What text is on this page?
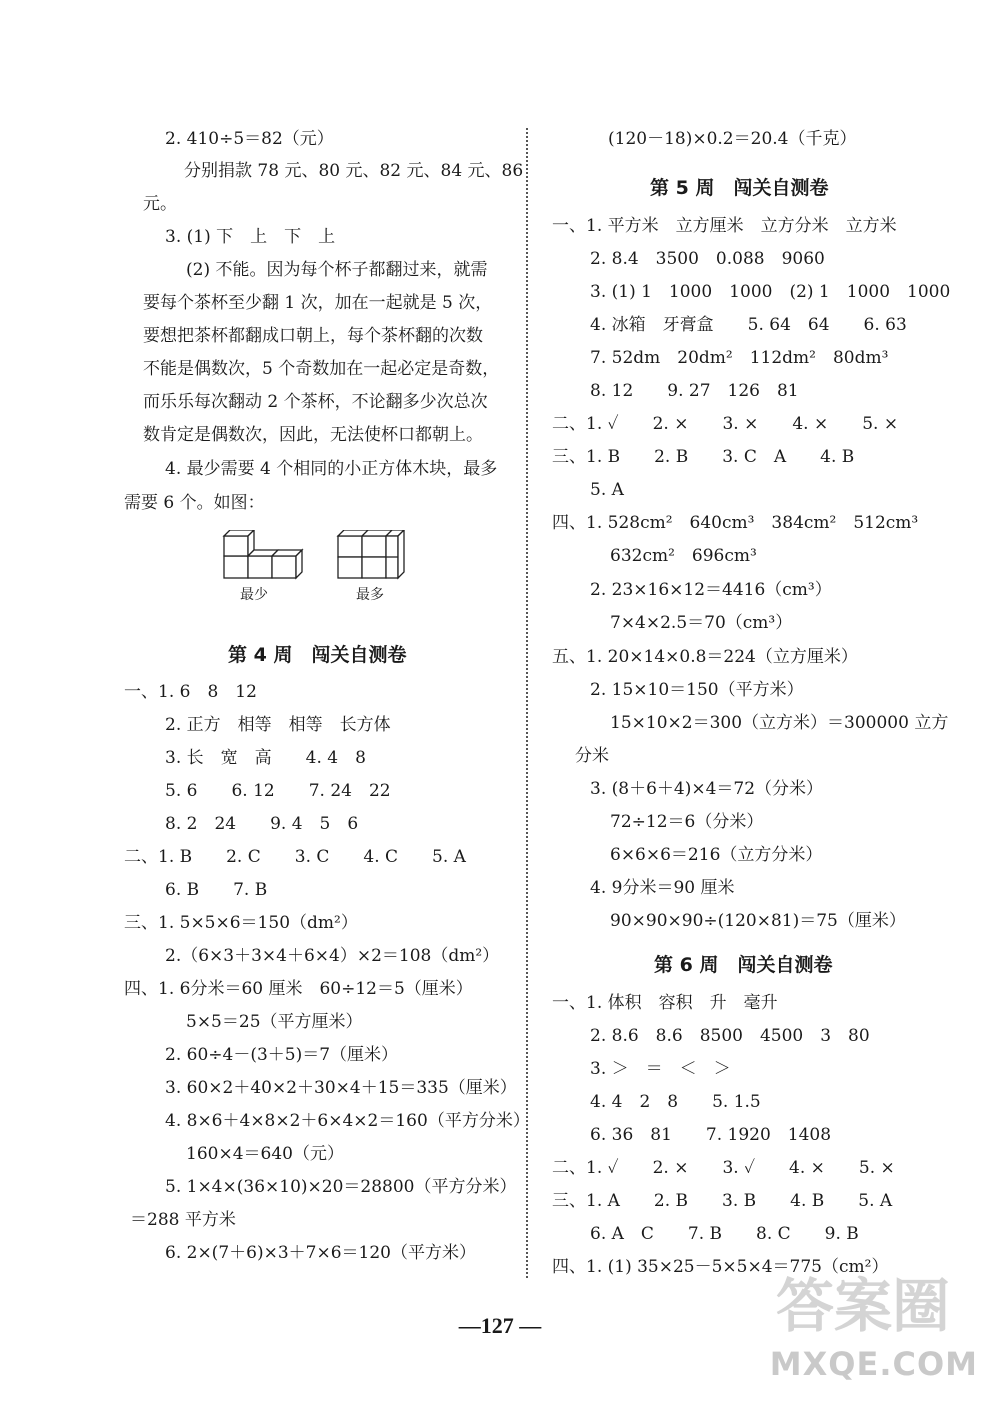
2. 410÷5＝82（元）
分别捐款 78 元、80 元、82 元、84 元、86
元。
3. (1) 下　上　下　上
(2) 不能。因为每个杯子都翻过来，就需
要每个茶杯至少翻 1 次，加在一起就是 5 次，
要想把茶杯都翻成口朝上，每个茶杯翻的次数
不能是偶数次，5 个奇数加在一起必定是奇数，
而乐乐每次翻动 2 个茶杯，不论翻多少次总次
数肯定是偶数次，因此，无法使杯口都朝上。
4. 最少需要 4 个相同的小正方体木块，最多
需要 6 个。如图：
最少	最多
第 4 周　闯关自测卷
一、1. 6　8　12
2. 正方　相等　相等　长方体
3. 长　宽　高　　4. 4　8
5. 6　　6. 12　　7. 24　22
8. 2　24　　9. 4　5　6
二、1. B　　2. C　　3. C　　4. C　　5. A
6. B　　7. B
三、1. 5×5×6＝150（dm²）
2.（6×3＋3×4＋6×4）×2＝108（dm²）
四、1. 6分米＝60 厘米　60÷12＝5（厘米）
5×5＝25（平方厘米）
2. 60÷4－(3＋5)＝7（厘米）
3. 60×2＋40×2＋30×4＋15＝335（厘米）
4. 8×6＋4×8×2＋6×4×2＝160（平方分米）
160×4＝640（元）
5. 1×4×(36×10)×20＝28800（平方分米）
＝288 平方米
6. 2×(7＋6)×3＋7×6＝120（平方米）
(120－18)×0.2＝20.4（千克）
第 5 周　闯关自测卷
一、1. 平方米　立方厘米　立方分米　立方米
2. 8.4　3500　0.088　9060
3. (1) 1　1000　1000　(2) 1　1000　1000
4. 冰箱　牙膏盒　　5. 64　64　　6. 63
7. 52dm　20dm²　112dm²　80dm³
8. 12　　9. 27　126　81
二、1. ✓　　2. ×　　3. ×　　4. ×　　5. ×
三、1. B　　2. B　　3. C　A　　4. B
5. A
四、1. 528cm²　640cm³　384cm²　512cm³
632cm²　696cm³
2. 23×16×12＝4416（cm³）
7×4×2.5＝70（cm³）
五、1. 20×14×0.8＝224（立方厘米）
2. 15×10＝150（平方米）
15×10×2＝300（立方米）＝300000 立方
分米
3. (8＋6＋4)×4＝72（分米）
72÷12＝6（分米）
6×6×6＝216（立方分米）
4. 9分米＝90 厘米
90×90×90÷(120×81)＝75（厘米）
第 6 周　闯关自测卷
一、1. 体积　容积　升　毫升
2. 8.6　8.6　8500　4500　3　80
3. ＞　＝　＜　＞
4. 4　2　8　　5. 1.5
6. 36　81　　7. 1920　1408
二、1. ✓　　2. ×　　3. ✓　　4. ×　　5. ×
三、1. A　　2. B　　3. B　　4. B　　5. A
6. A　C　　7. B　　8. C　　9. B
四、1. (1) 35×25－5×5×4＝775（cm²）
—127 —	答案圈
MXQE.COM
